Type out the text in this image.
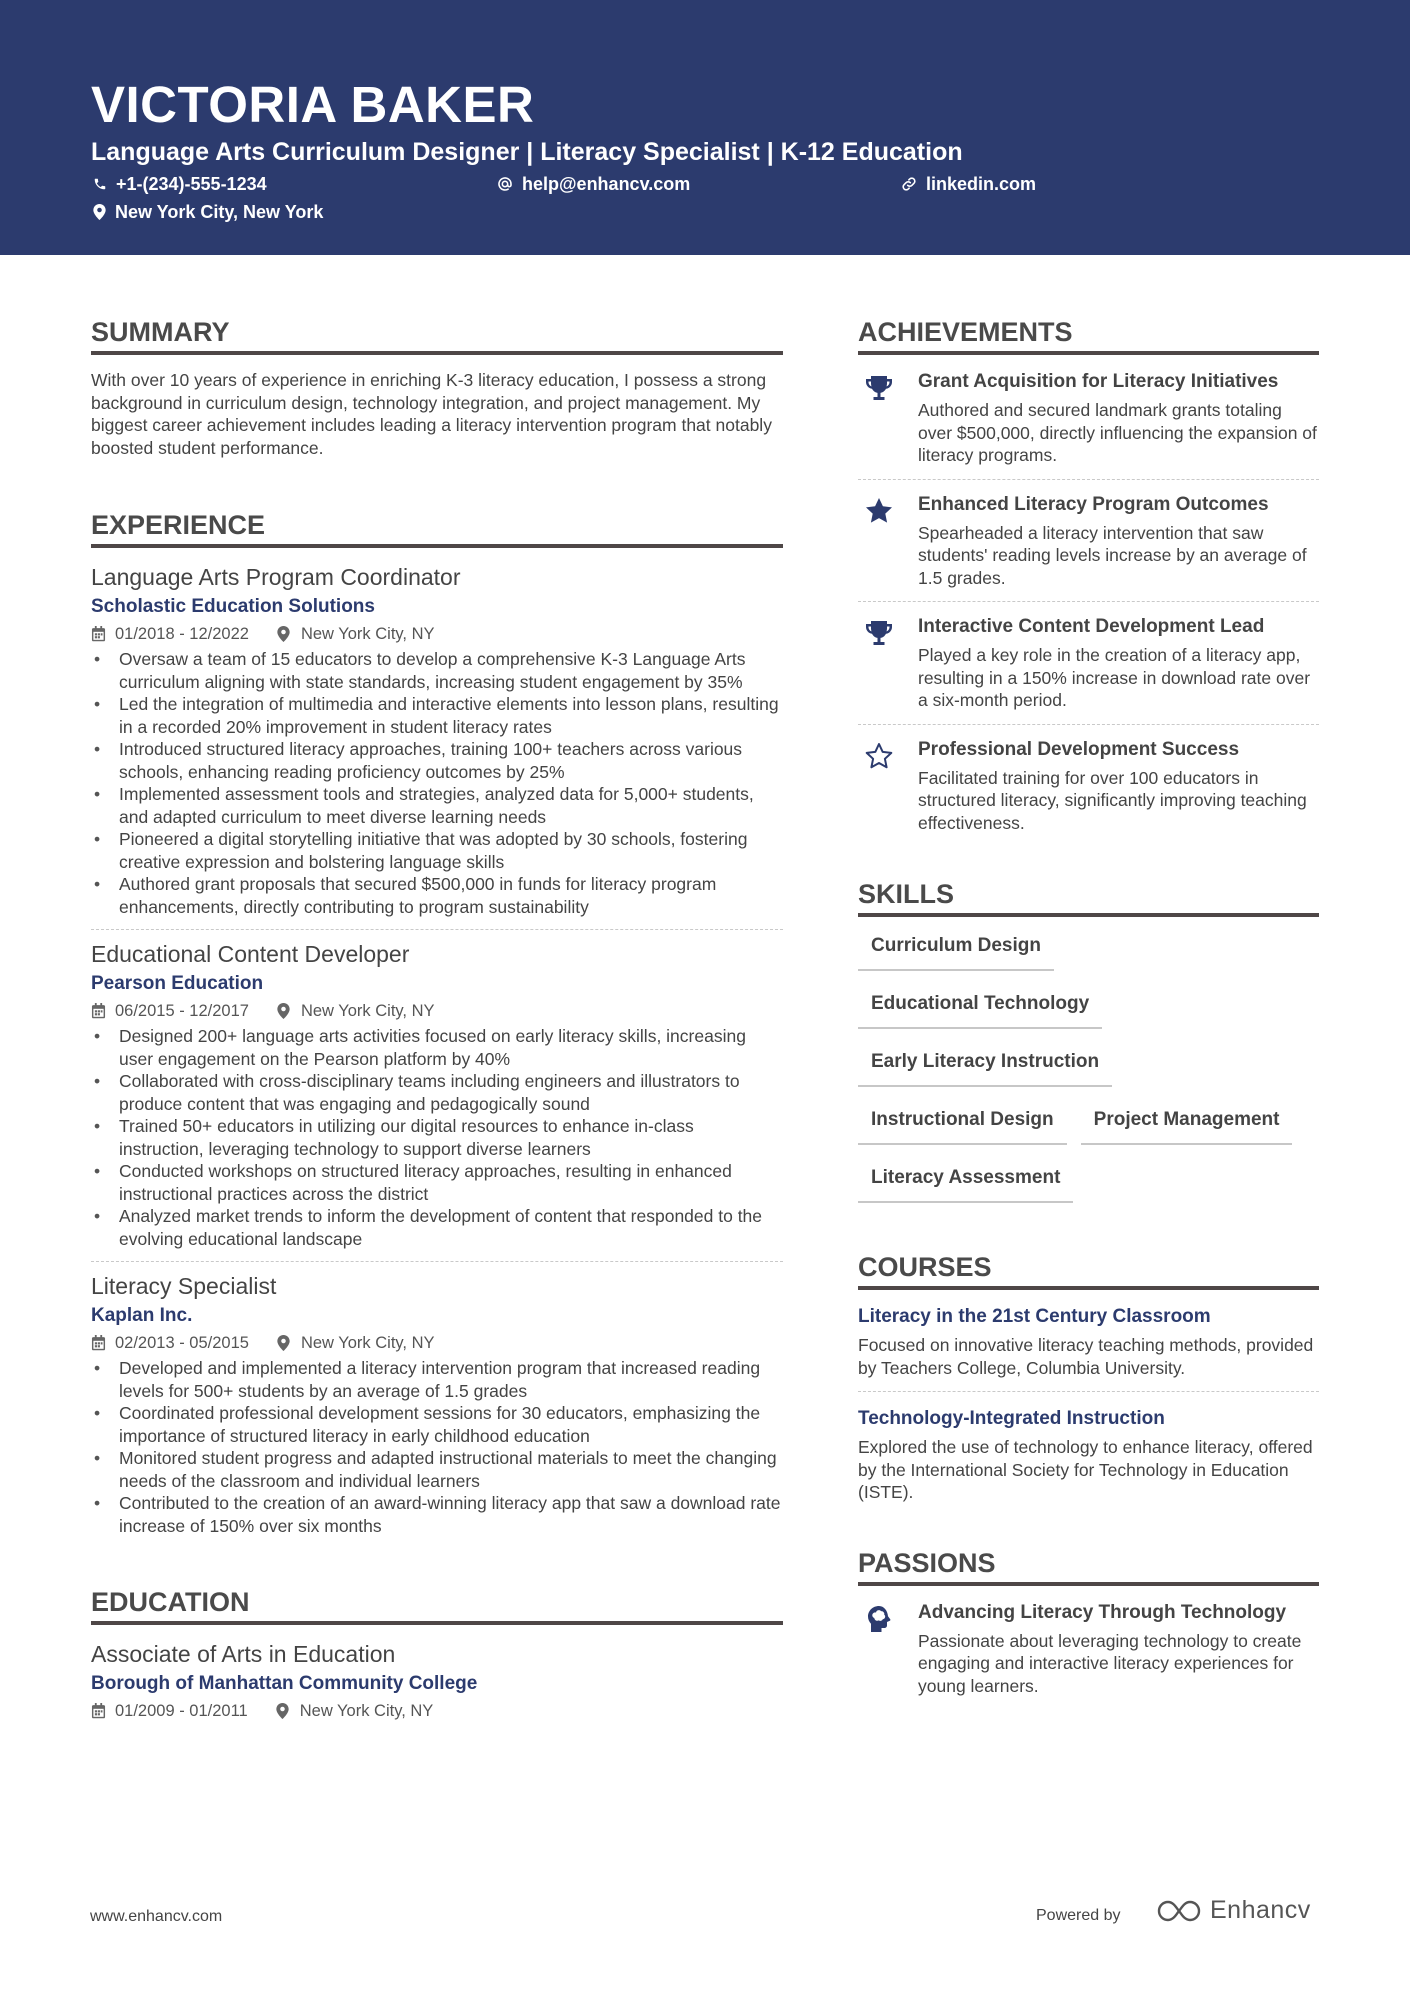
VICTORIA BAKER
Language Arts Curriculum Designer | Literacy Specialist | K-12 Education
+1-(234)-555-1234	help@enhancv.com	linkedin.com
New York City, New York
SUMMARY
With over 10 years of experience in enriching K-3 literacy education, I possess a strong background in curriculum design, technology integration, and project management. My biggest career achievement includes leading a literacy intervention program that notably boosted student performance.
EXPERIENCE
Language Arts Program Coordinator
Scholastic Education Solutions
01/2018 - 12/2022	New York City, NY
• Oversaw a team of 15 educators to develop a comprehensive K-3 Language Arts curriculum aligning with state standards, increasing student engagement by 35%
• Led the integration of multimedia and interactive elements into lesson plans, resulting in a recorded 20% improvement in student literacy rates
• Introduced structured literacy approaches, training 100+ teachers across various schools, enhancing reading proficiency outcomes by 25%
• Implemented assessment tools and strategies, analyzed data for 5,000+ students, and adapted curriculum to meet diverse learning needs
• Pioneered a digital storytelling initiative that was adopted by 30 schools, fostering creative expression and bolstering language skills
• Authored grant proposals that secured $500,000 in funds for literacy program enhancements, directly contributing to program sustainability
Educational Content Developer
Pearson Education
06/2015 - 12/2017	New York City, NY
• Designed 200+ language arts activities focused on early literacy skills, increasing user engagement on the Pearson platform by 40%
• Collaborated with cross-disciplinary teams including engineers and illustrators to produce content that was engaging and pedagogically sound
• Trained 50+ educators in utilizing our digital resources to enhance in-class instruction, leveraging technology to support diverse learners
• Conducted workshops on structured literacy approaches, resulting in enhanced instructional practices across the district
• Analyzed market trends to inform the development of content that responded to the evolving educational landscape
Literacy Specialist
Kaplan Inc.
02/2013 - 05/2015	New York City, NY
• Developed and implemented a literacy intervention program that increased reading levels for 500+ students by an average of 1.5 grades
• Coordinated professional development sessions for 30 educators, emphasizing the importance of structured literacy in early childhood education
• Monitored student progress and adapted instructional materials to meet the changing needs of the classroom and individual learners
• Contributed to the creation of an award-winning literacy app that saw a download rate increase of 150% over six months
EDUCATION
Associate of Arts in Education
Borough of Manhattan Community College
01/2009 - 01/2011	New York City, NY
ACHIEVEMENTS
Grant Acquisition for Literacy Initiatives
Authored and secured landmark grants totaling over $500,000, directly influencing the expansion of literacy programs.
Enhanced Literacy Program Outcomes
Spearheaded a literacy intervention that saw students' reading levels increase by an average of 1.5 grades.
Interactive Content Development Lead
Played a key role in the creation of a literacy app, resulting in a 150% increase in download rate over a six-month period.
Professional Development Success
Facilitated training for over 100 educators in structured literacy, significantly improving teaching effectiveness.
SKILLS
Curriculum Design
Educational Technology
Early Literacy Instruction
Instructional Design	Project Management
Literacy Assessment
COURSES
Literacy in the 21st Century Classroom
Focused on innovative literacy teaching methods, provided by Teachers College, Columbia University.
Technology-Integrated Instruction
Explored the use of technology to enhance literacy, offered by the International Society for Technology in Education (ISTE).
PASSIONS
Advancing Literacy Through Technology
Passionate about leveraging technology to create engaging and interactive literacy experiences for young learners.
www.enhancv.com	Powered by	Enhancv
